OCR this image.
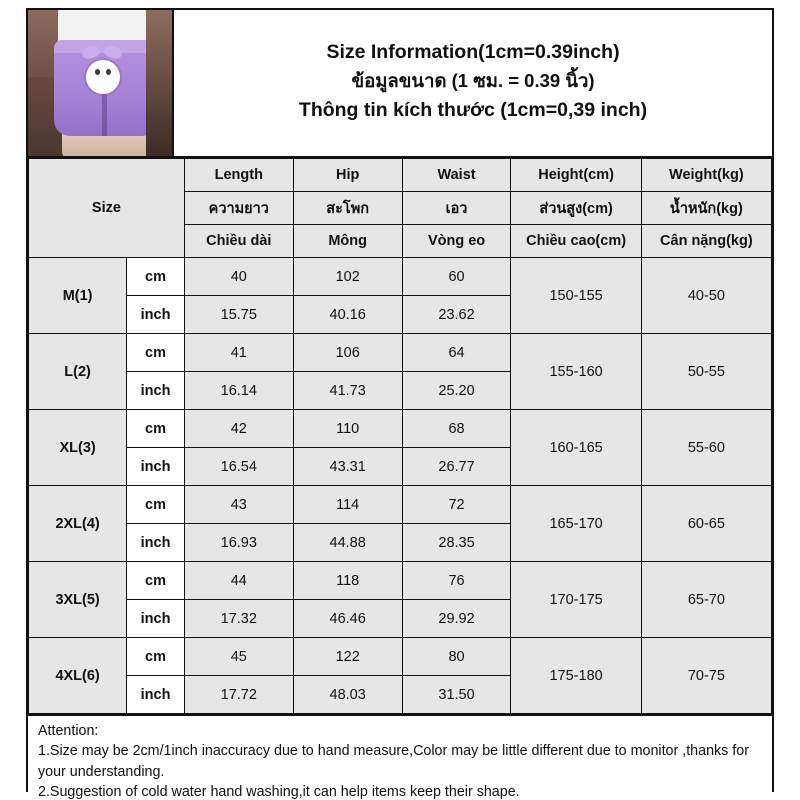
Size Information(1cm=0.39inch)
ข้อมูลขนาด (1 ซม. = 0.39 นิ้ว)
Thông tin kích thước (1cm=0,39 inch)
Size		Length	Hip	Waist	Height(cm)	Weight(kg)
		ความยาว	สะโพก	เอว	ส่วนสูง(cm)	น้ำหนัก(kg)
		Chiều dài	Mông	Vòng eo	Chiều cao(cm)	Cân nặng(kg)
M(1)	cm	40	102	60	150-155	40-50
	inch	15.75	40.16	23.62		
L(2)	cm	41	106	64	155-160	50-55
	inch	16.14	41.73	25.20		
XL(3)	cm	42	110	68	160-165	55-60
	inch	16.54	43.31	26.77		
2XL(4)	cm	43	114	72	165-170	60-65
	inch	16.93	44.88	28.35		
3XL(5)	cm	44	118	76	170-175	65-70
	inch	17.32	46.46	29.92		
4XL(6)	cm	45	122	80	175-180	70-75
	inch	17.72	48.03	31.50		
Attention:
1.Size may be 2cm/1inch inaccuracy due to hand measure,Color may be little different due to monitor ,thanks for your understanding.
2.Suggestion of cold water hand washing,it can help items keep their shape.
